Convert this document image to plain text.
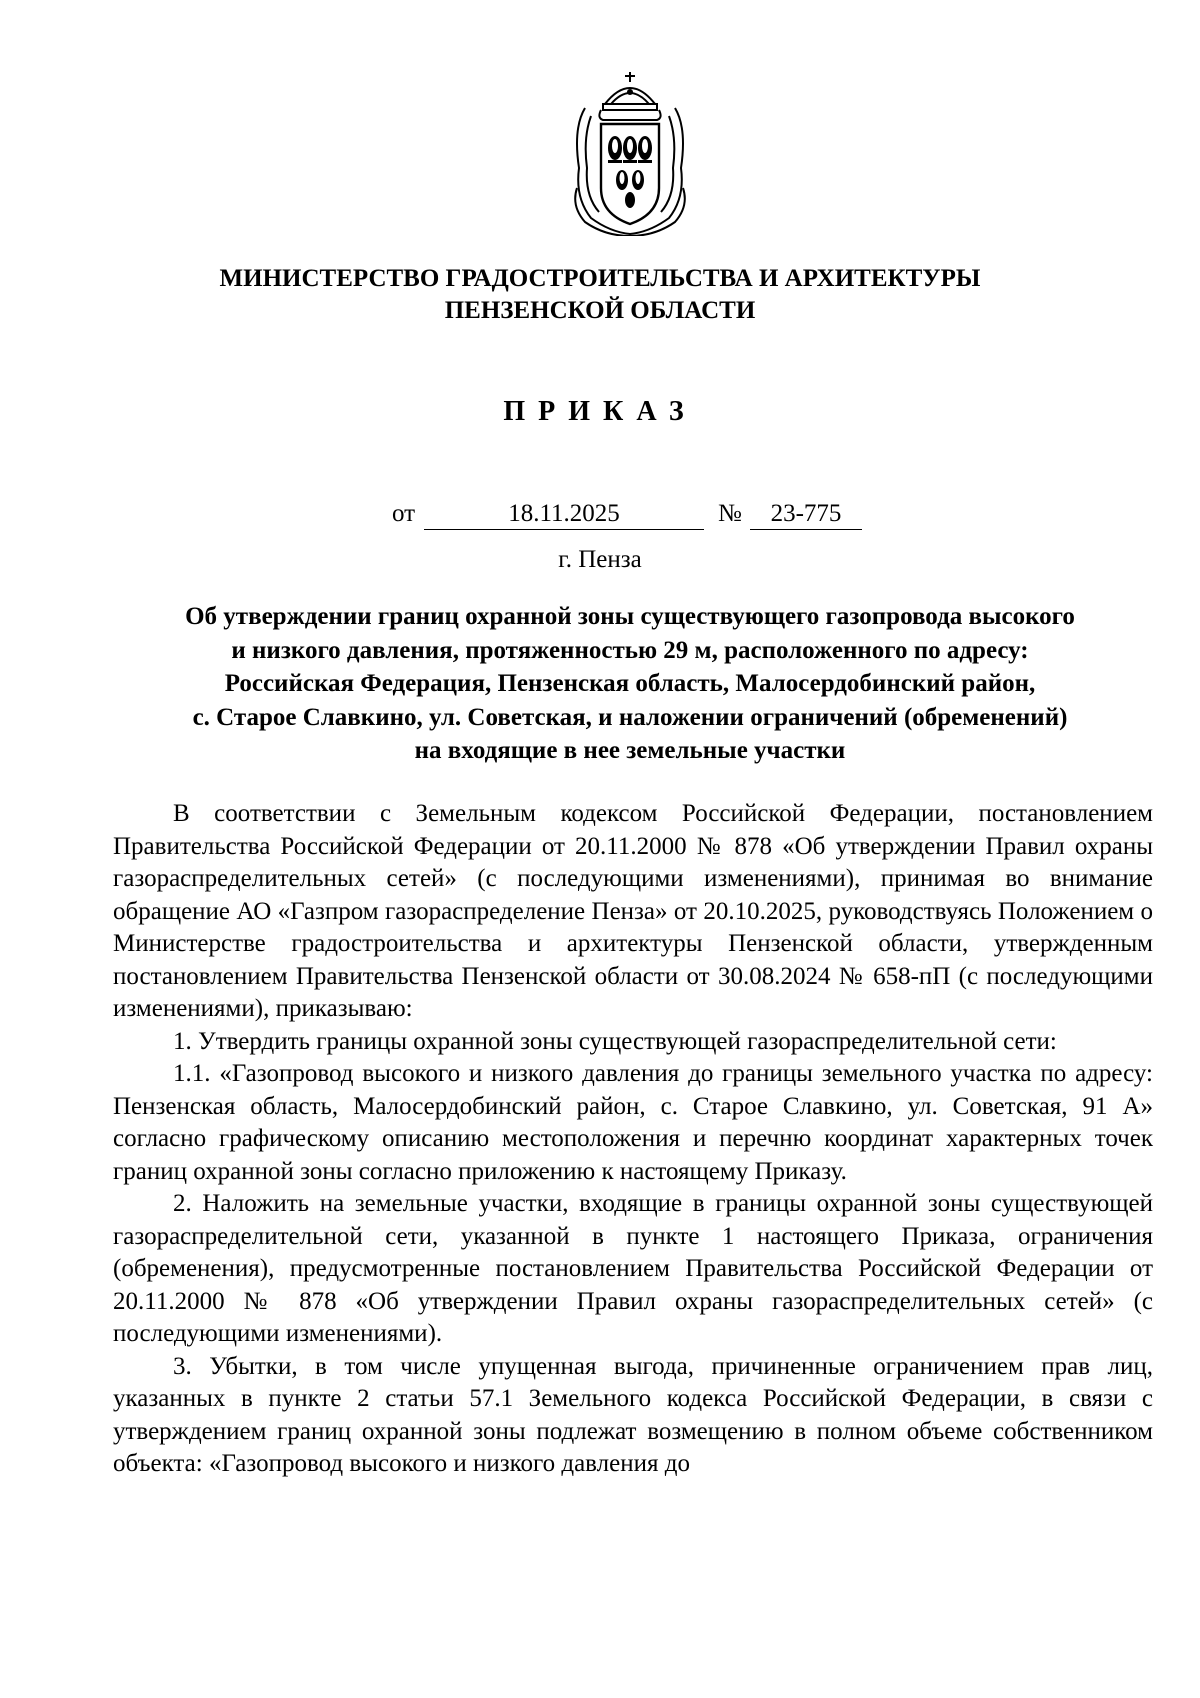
МИНИСТЕРСТВО ГРАДОСТРОИТЕЛЬСТВА И АРХИТЕКТУРЫ
ПЕНЗЕНСКОЙ ОБЛАСТИ
ПРИКАЗ
от	18.11.2025	№	23-775
г. Пенза
Об утверждении границ охранной зоны существующего газопровода высокого
и низкого давления, протяженностью 29 м, расположенного по адресу:
Российская Федерация, Пензенская область, Малосердобинский район,
с. Старое Славкино, ул. Советская, и наложении ограничений (обременений)
на входящие в нее земельные участки

В соответствии с Земельным кодексом Российской Федерации, постановлением Правительства Российской Федерации от 20.11.2000 № 878 «Об утверждении Правил охраны газораспределительных сетей» (с последующими изменениями), принимая во внимание обращение АО «Газпром газораспределение Пенза» от 20.10.2025, руководствуясь Положением о Министерстве градостроительства и архитектуры Пензенской области, утвержденным постановлением Правительства Пензенской области от 30.08.2024 № 658-пП (с последующими изменениями), приказываю:

1. Утвердить границы охранной зоны существующей газораспределительной сети:

1.1. «Газопровод высокого и низкого давления до границы земельного участка по адресу: Пензенская область, Малосердобинский район, с. Старое Славкино, ул. Советская, 91 А» согласно графическому описанию местоположения и перечню координат характерных точек границ охранной зоны согласно приложению к настоящему Приказу.

2. Наложить на земельные участки, входящие в границы охранной зоны существующей газораспределительной сети, указанной в пункте 1 настоящего Приказа, ограничения (обременения), предусмотренные постановлением Правительства Российской Федерации от 20.11.2000 № 878 «Об утверждении Правил охраны газораспределительных сетей» (с последующими изменениями).

3. Убытки, в том числе упущенная выгода, причиненные ограничением прав лиц, указанных в пункте 2 статьи 57.1 Земельного кодекса Российской Федерации, в связи с утверждением границ охранной зоны подлежат возмещению в полном объеме собственником объекта: «Газопровод высокого и низкого давления до
